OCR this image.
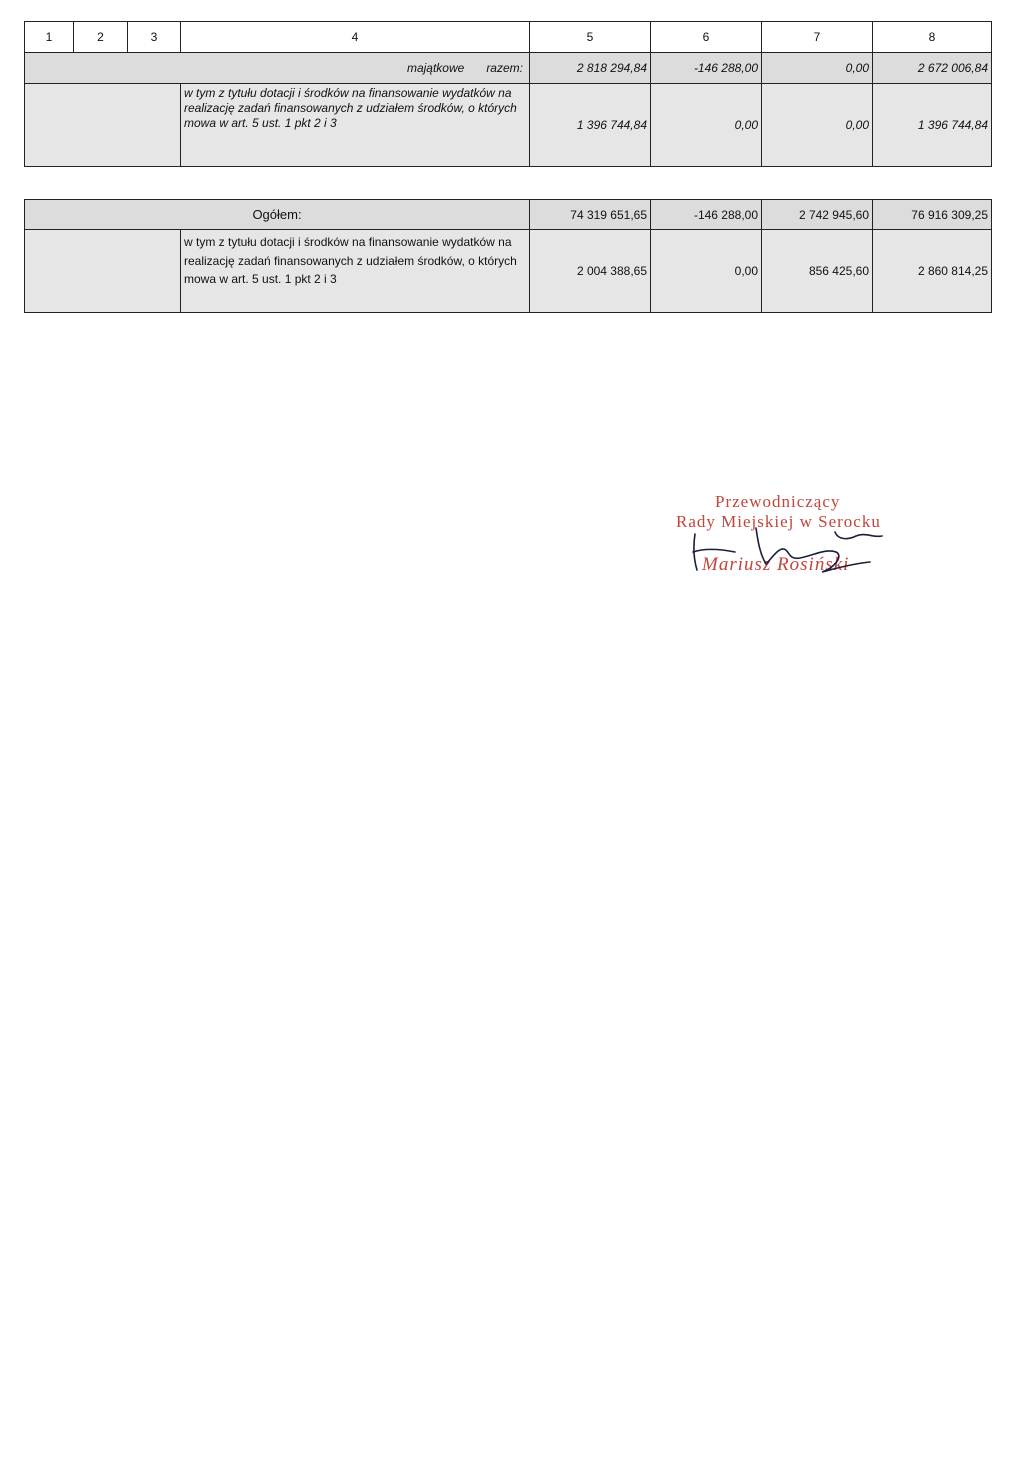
1	2	3	4	5	6	7	8
majątkowe razem:				2 818 294,84	-146 288,00	0,00	2 672 006,84
			w tym z tytułu dotacji i środków na finansowanie wydatków na realizację zadań finansowanych z udziałem środków, o których mowa w art. 5 ust. 1 pkt 2 i 3	1 396 744,84	0,00	0,00	1 396 744,84
Ogółem:		74 319 651,65	-146 288,00	2 742 945,60	76 916 309,25
	w tym z tytułu dotacji i środków na finansowanie wydatków na realizację zadań finansowanych z udziałem środków, o których mowa w art. 5 ust. 1 pkt 2 i 3	2 004 388,65	0,00	856 425,60	2 860 814,25
Przewodniczący
Rady Miejskiej w Serocku
Mariusz Rosiński
